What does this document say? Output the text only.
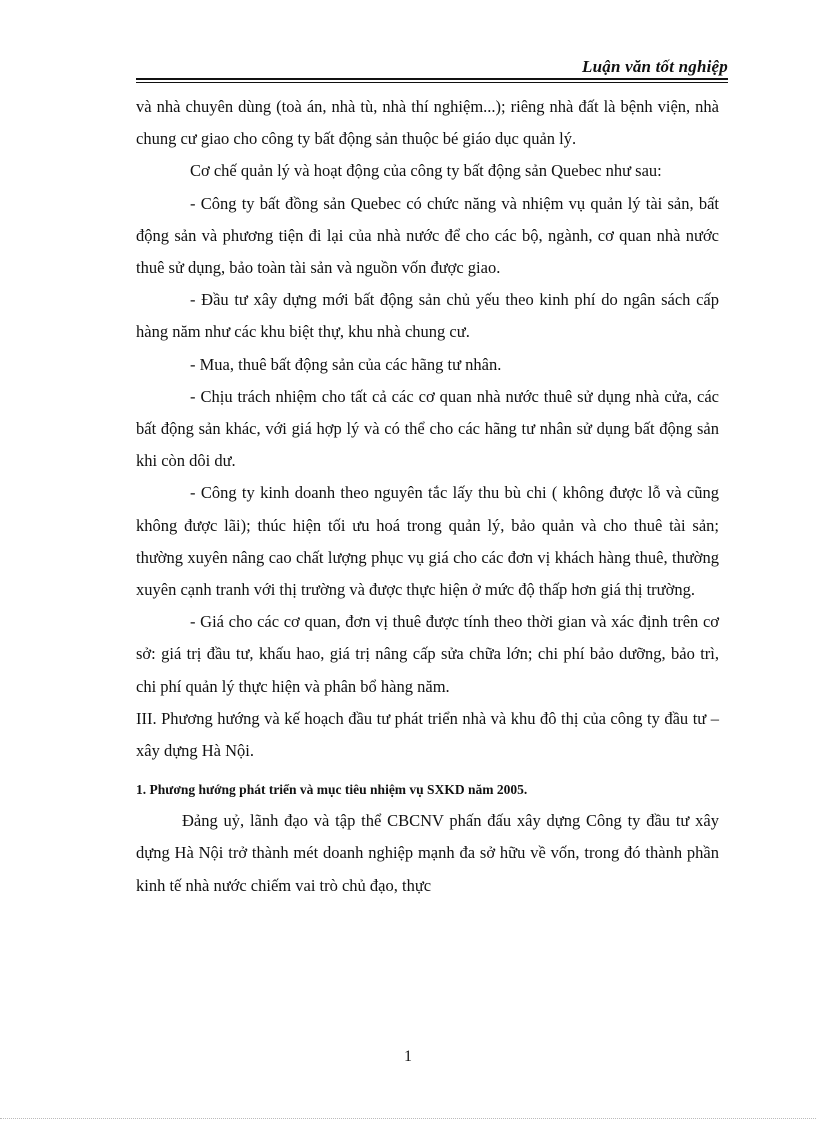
Luận văn tốt nghiệp

và nhà chuyên dùng (toà án, nhà tù, nhà thí nghiệm...); riêng nhà đất là bệnh viện, nhà chung cư giao cho công ty bất động sản thuộc bé giáo dục quản lý.

Cơ chế quản lý và hoạt động của công ty bất động sản Quebec như sau:

- Công ty bất đồng sản Quebec có chức năng và nhiệm vụ quản lý tài sản, bất động sản và phương tiện đi lại của nhà nước để cho các bộ, ngành, cơ quan nhà nước thuê sử dụng, bảo toàn tài sản và nguồn vốn được giao.

- Đầu tư xây dựng mới bất động sản chủ yếu theo kinh phí do ngân sách cấp hàng năm như các khu biệt thự, khu nhà chung cư.

- Mua, thuê bất động sản của các hãng tư nhân.

- Chịu trách nhiệm cho tất cả các cơ quan nhà nước thuê sử dụng nhà cửa, các bất động sản khác, với giá hợp lý và có thể cho các hãng tư nhân sử dụng bất động sản khi còn dôi dư.

- Công ty kinh doanh theo nguyên tắc lấy thu bù chi ( không được lỗ và cũng không được lãi); thúc hiện tối ưu hoá trong quản lý, bảo quản và cho thuê tài sản; thường xuyên nâng cao chất lượng phục vụ giá cho các đơn vị khách hàng thuê, thường xuyên cạnh tranh với thị trường và được thực hiện ở mức độ thấp hơn giá thị trường.

- Giá cho các cơ quan, đơn vị thuê được tính theo thời gian và xác định trên cơ sở: giá trị đầu tư, khấu hao, giá trị nâng cấp sửa chữa lớn; chi phí bảo dưỡng, bảo trì, chi phí quản lý thực hiện và phân bổ hàng năm.

III. Phương hướng và kế hoạch đầu tư phát triển nhà và khu đô thị của công ty đầu tư –xây dựng Hà Nội.

1. Phương hướng phát triển và mục tiêu nhiệm vụ SXKD năm 2005.

Đảng uỷ, lãnh đạo và tập thể CBCNV phấn đấu xây dựng Công ty đầu tư xây dựng Hà Nội trở thành mét doanh nghiệp mạnh đa sở hữu về vốn, trong đó thành phần kinh tế nhà nước chiếm vai trò chủ đạo, thực

1
